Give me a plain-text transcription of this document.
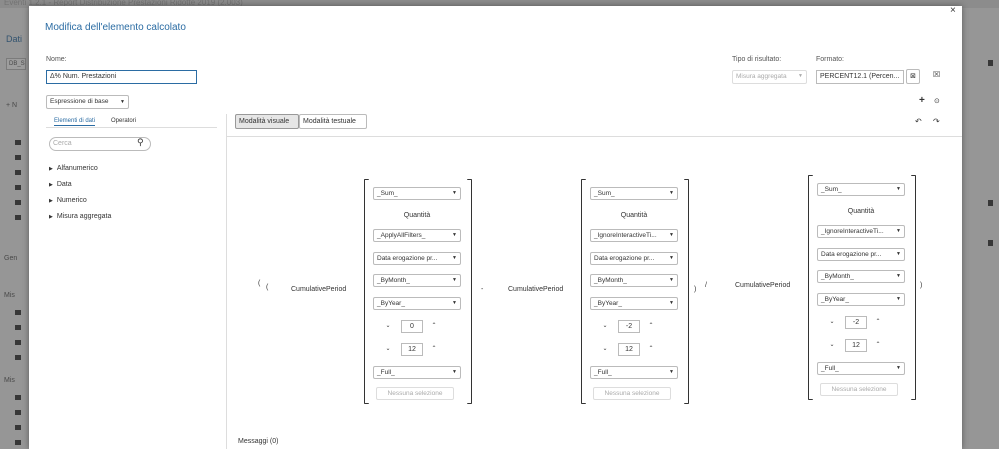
×
Modifica dell'elemento calcolato
Nome:
Δ% Num. Prestazioni
Tipo di risultato:
Misura aggregata ▼
Formato:
PERCENT12.1 (Percen...	⊠	☒
Espressione di base ▼	+ ⊙
Elementi di dati	Operatori	Modalità visuale	Modalità testuale	↶ ↷
Cerca	⚲
▶ Alfanumerico
▶ Data
▶ Numerico
▶ Misura aggregata
(
(	-	)
/	)
CumulativePeriod
_Sum_	▼
Quantità
_ApplyAllFilters_	▼
Data erogazione pr...	▼
_ByMonth_	▼
_ByYear_	▼
⌄	0	⌃
⌄	12	⌃
_Full_	▼
Nessuna selezione
CumulativePeriod
_Sum_	▼
Quantità
_IgnoreInteractiveTi... ▼
Data erogazione pr...	▼
_ByMonth_	▼
_ByYear_	▼
⌄	-2	⌃
⌄	12	⌃
_Full_	▼
Nessuna selezione
CumulativePeriod
_Sum_	▼
Quantità
_IgnoreInteractiveTi... ▼
Data erogazione pr...	▼
_ByMonth_	▼
_ByYear_	▼
⌄	-2	⌃
⌄	12	⌃
_Full_	▼
Nessuna selezione
Messaggi (0)
